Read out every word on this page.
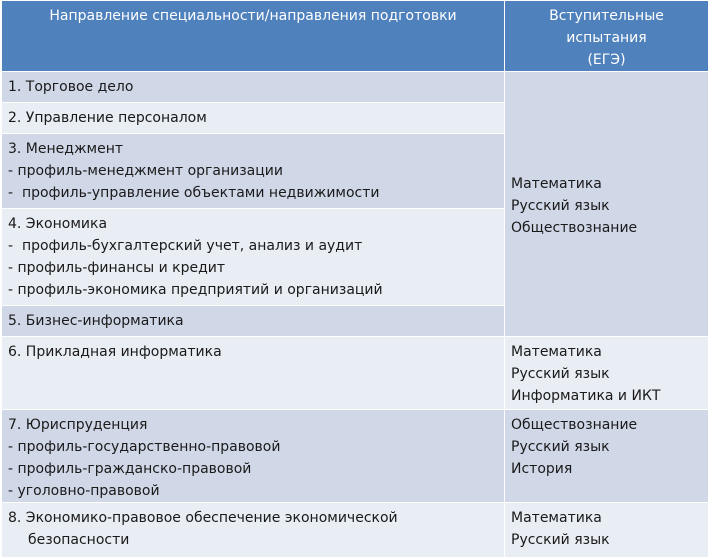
Направление специальности/направления подготовки	Вступительные
испытания
(ЕГЭ)

1. Торговое дело	Математика
Русский язык
Обществознание

2. Управление персоналом	

3. Менеджмент
- профиль-менеджмент организации
-  профиль-управление объектами недвижимости	

4. Экономика
-  профиль-бухгалтерский учет, анализ и аудит
- профиль-финансы и кредит
- профиль-экономика предприятий и организаций	

5. Бизнес-информатика	

6. Прикладная информатика	Математика
Русский язык
Информатика и ИКТ

7. Юриспруденция
- профиль-государственно-правовой
- профиль-гражданско-правовой
- уголовно-правовой	Обществознание
Русский язык
История

8. Экономико-правовое обеспечение экономической
безопасности	Математика
Русский язык
